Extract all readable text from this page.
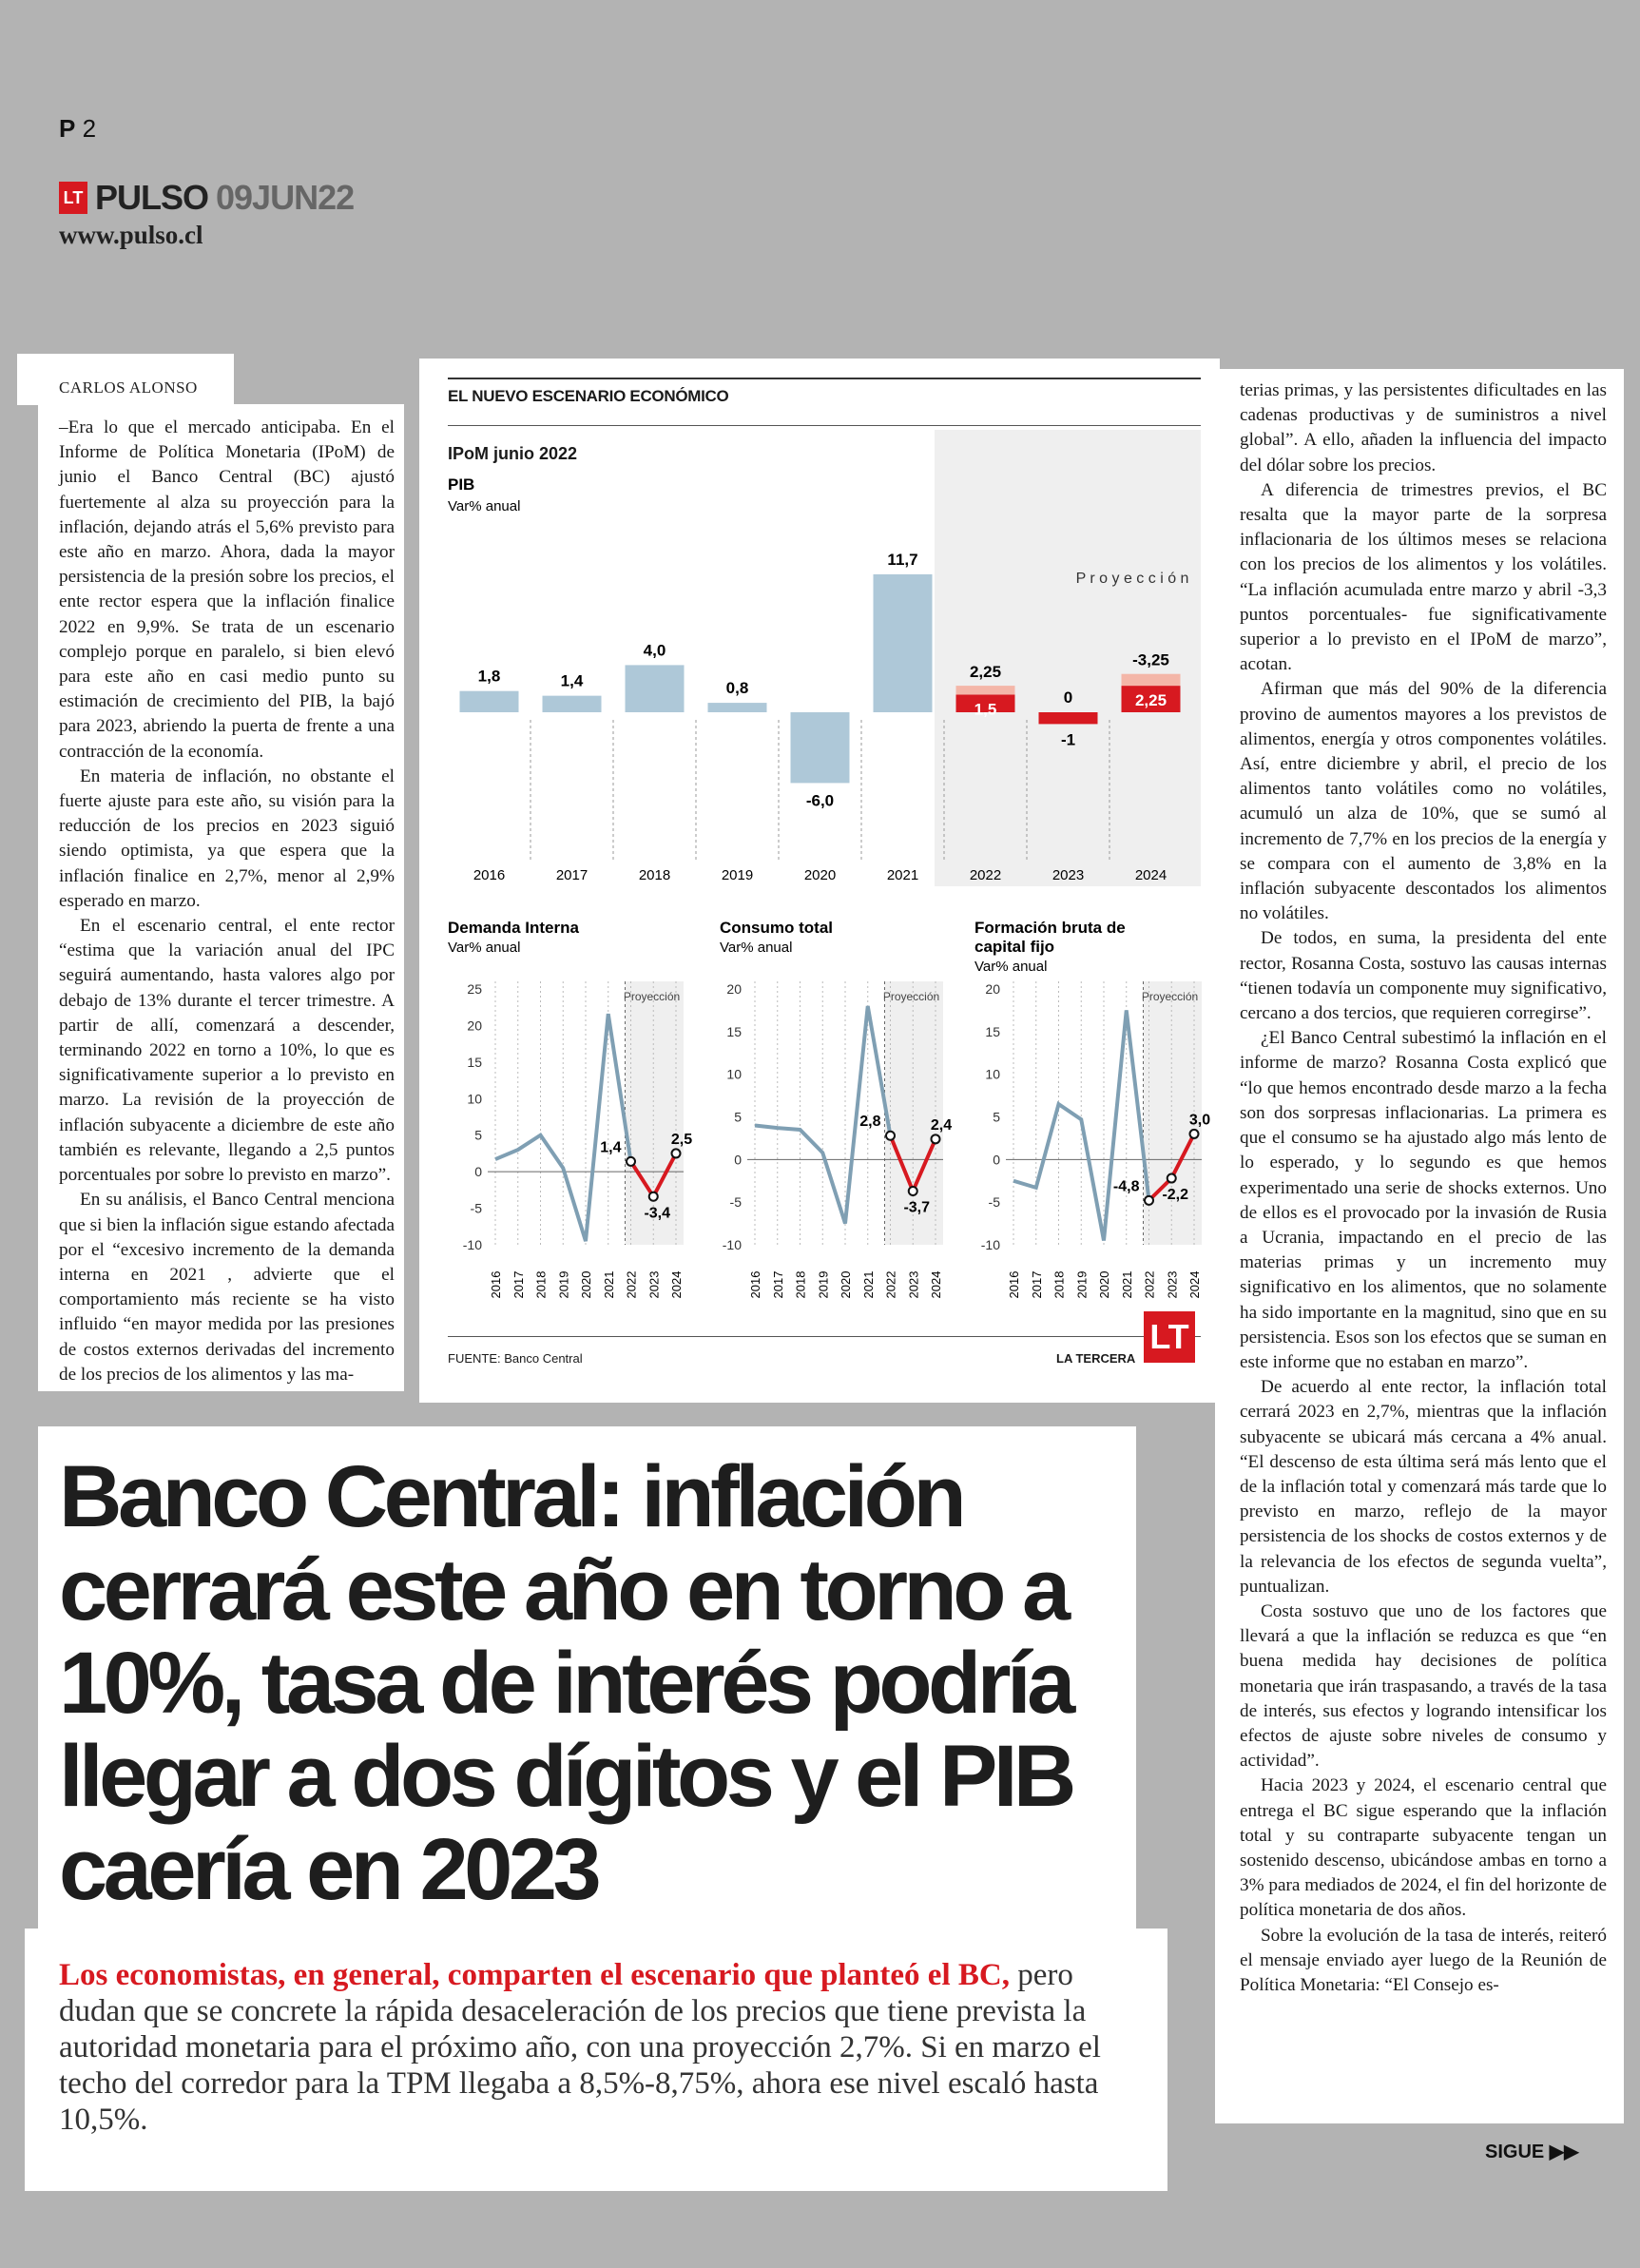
P 2
LT PULSO 09JUN22
www.pulso.cl

–Era lo que el mercado anticipaba. En el Informe de Política Monetaria (IPoM) de junio el Banco Central (BC) ajustó fuertemente al alza su proyección para la inflación, dejando atrás el 5,6% previsto para este año en marzo. Ahora, dada la mayor persistencia de la presión sobre los precios, el ente rector espera que la inflación finalice 2022 en 9,9%. Se trata de un escenario complejo porque en paralelo, si bien elevó para este año en casi medio punto su estimación de crecimiento del PIB, la bajó para 2023, abriendo la puerta de frente a una contracción de la economía.

En materia de inflación, no obstante el fuerte ajuste para este año, su visión para la reducción de los precios en 2023 siguió siendo optimista, ya que espera que la inflación finalice en 2,7%, menor al 2,9% esperado en marzo.

En el escenario central, el ente rector “estima que la variación anual del IPC seguirá aumentando, hasta valores algo por debajo de 13% durante el tercer trimestre. A partir de allí, comenzará a descender, terminando 2022 en torno a 10%, lo que es significativamente superior a lo previsto en marzo. La revisión de la proyección de inflación subyacente a diciembre de este año también es relevante, llegando a 2,5 puntos porcentuales por sobre lo previsto en marzo”.

En su análisis, el Banco Central menciona que si bien la inflación sigue estando afectada por el “excesivo incremento de la demanda interna en 2021 , advierte que el comportamiento más reciente se ha visto influido “en mayor medida por las presiones de costos externos derivadas del incremento de los precios de los alimentos y las ma-

CARLOS ALONSO	EL NUEVO ESCENARIO ECONÓMICO
IPoM junio 2022
PIB
Var% anual
P r o y e c c i ó n
2016
1,8
2017
1,4
2018
4,0
2019
0,8
2020
-6,0
2021
11,7
2022	2023	2024
1,5
2,25
-1
0	2,25
-3,25
Demanda Interna
Var% anual
Proyección
2016 2017 2018 2019 2020 2021 2022 2023 2024
-10
-5
0
5
10
15
20
25
1,4
-3,4
2,5
Consumo total
Var% anual
Proyección
2016 2017 2018 2019 2020 2021 2022 2023 2024
-10
-5
0
5
10
15
20
2,8
-3,7
2,4
Formación bruta de
capital fijo
Var% anual
Proyección
2016 2017 2018 2019 2020 2021 2022 2023 2024
-10
-5
0
5
10
15
20
-4,8
-2,2
3,0
FUENTE: Banco Central	LA TERCERA
LT

terias primas, y las persistentes dificultades en las cadenas productivas y de suministros a nivel global”. A ello, añaden la influencia del impacto del dólar sobre los precios.

A diferencia de trimestres previos, el BC resalta que la mayor parte de la sorpresa inflacionaria de los últimos meses se relaciona con los precios de los alimentos y los volátiles. “La inflación acumulada entre marzo y abril -3,3 puntos porcentuales- fue significativamente superior a lo previsto en el IPoM de marzo”, acotan.

Afirman que más del 90% de la diferencia provino de aumentos mayores a los previstos de alimentos, energía y otros componentes volátiles. Así, entre diciembre y abril, el precio de los alimentos tanto volátiles como no volátiles, acumuló un alza de 10%, que se sumó al incremento de 7,7% en los precios de la energía y se compara con el aumento de 3,8% en la inflación subyacente descontados los alimentos no volátiles.

De todos, en suma, la presidenta del ente rector, Rosanna Costa, sostuvo las causas internas “tienen todavía un componente muy significativo, cercano a dos tercios, que requieren corregirse”.

¿El Banco Central subestimó la inflación en el informe de marzo? Rosanna Costa explicó que “lo que hemos encontrado desde marzo a la fecha son dos sorpresas inflacionarias. La primera es que el consumo se ha ajustado algo más lento de lo esperado, y lo segundo es que hemos experimentado una serie de shocks externos. Uno de ellos es el provocado por la invasión de Rusia a Ucrania, impactando en el precio de las materias primas y un incremento muy significativo en los alimentos, que no solamente ha sido importante en la magnitud, sino que en su persistencia. Esos son los efectos que se suman en este informe que no estaban en marzo”.

De acuerdo al ente rector, la inflación total cerrará 2023 en 2,7%, mientras que la inflación subyacente se ubicará más cercana a 4% anual. “El descenso de esta última será más lento que el de la inflación total y comenzará más tarde que lo previsto en marzo, reflejo de la mayor persistencia de los shocks de costos externos y de la relevancia de los efectos de segunda vuelta”, puntualizan.

Costa sostuvo que uno de los factores que llevará a que la inflación se reduzca es que “en buena medida hay decisiones de política monetaria que irán traspasando, a través de la tasa de interés, sus efectos y logrando intensificar los efectos de ajuste sobre niveles de consumo y actividad”.

Hacia 2023 y 2024, el escenario central que entrega el BC sigue esperando que la inflación total y su contraparte subyacente tengan un sostenido descenso, ubicándose ambas en torno a 3% para mediados de 2024, el fin del horizonte de política monetaria de dos años.

Sobre la evolución de la tasa de interés, reiteró el mensaje enviado ayer luego de la Reunión de Política Monetaria: “El Consejo es-

Banco Central: inflación cerrará este año en torno a 10%, tasa de interés podría llegar a dos dígitos y el PIB caería en 2023

Los economistas, en general, comparten el escenario que planteó el BC, pero dudan que se concrete la rápida desaceleración de los precios que tiene prevista la autoridad monetaria para el próximo año, con una proyección 2,7%. Si en marzo el techo del corredor para la TPM llegaba a 8,5%-8,75%, ahora ese nivel escaló hasta 10,5%.

SIGUE ▶▶
